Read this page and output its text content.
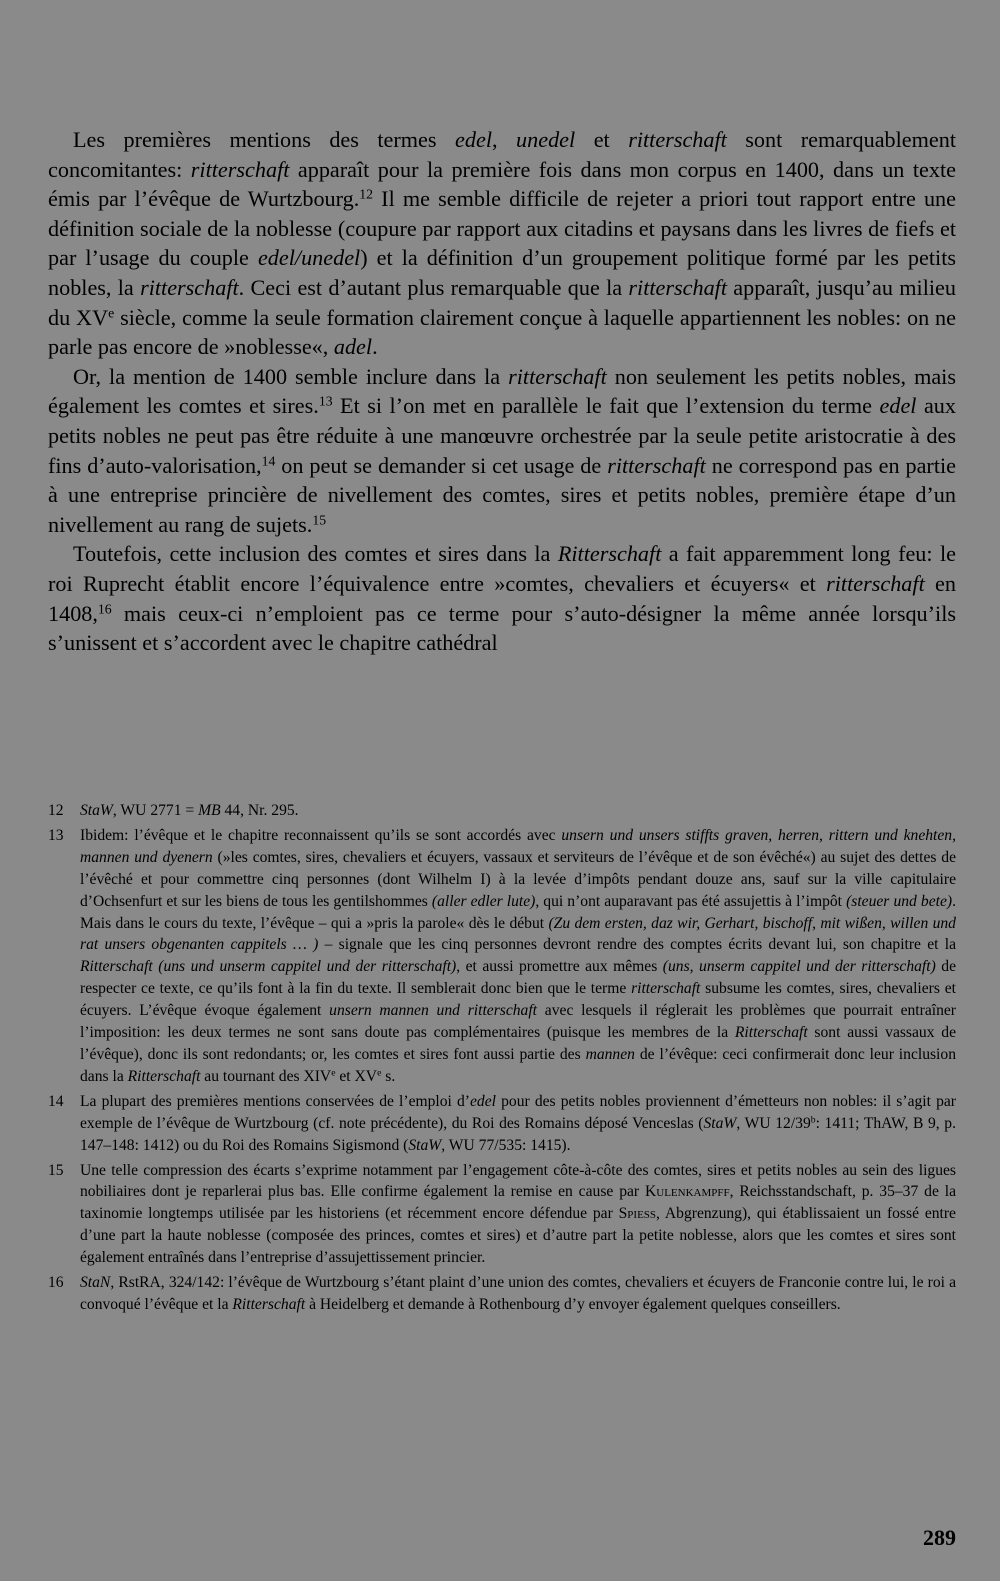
Les premières mentions des termes edel, unedel et ritterschaft sont remarquablement concomitantes: ritterschaft apparaît pour la première fois dans mon corpus en 1400, dans un texte émis par l’évêque de Wurtzbourg.$^{12}$ Il me semble difficile de rejeter a priori tout rapport entre une définition sociale de la noblesse (coupure par rapport aux citadins et paysans dans les livres de fiefs et par l’usage du couple edel/unedel) et la définition d’un groupement politique formé par les petits nobles, la ritterschaft. Ceci est d’autant plus remarquable que la ritterschaft apparaît, jusqu’au milieu du XVe siècle, comme la seule formation clairement conçue à laquelle appartiennent les nobles: on ne parle pas encore de »noblesse«, adel.

Or, la mention de 1400 semble inclure dans la ritterschaft non seulement les petits nobles, mais également les comtes et sires.$^{13}$ Et si l’on met en parallèle le fait que l’extension du terme edel aux petits nobles ne peut pas être réduite à une manœuvre orchestrée par la seule petite aristocratie à des fins d’auto-valorisation,$^{14}$ on peut se demander si cet usage de ritterschaft ne correspond pas en partie à une entreprise princière de nivellement des comtes, sires et petits nobles, première étape d’un nivellement au rang de sujets.$^{15}$

Toutefois, cette inclusion des comtes et sires dans la Ritterschaft a fait apparemment long feu: le roi Ruprecht établit encore l’équivalence entre »comtes, chevaliers et écuyers« et ritterschaft en 1408,16 mais ceux-ci n’emploient pas ce terme pour s’auto-désigner la même année lorsqu’ils s’unissent et s’accordent avec le chapitre cathédral

12 StaW, WU 2771 = MB 44, Nr. 295.
13 Ibidem: l’évêque et le chapitre reconnaissent qu’ils se sont accordés avec unsern und unsers stiffts graven, herren, rittern und knehten, mannen und dyenern (»les comtes, sires, chevaliers et écuyers, vassaux et serviteurs de l’évêque et de son évêché«) au sujet des dettes de l’évêché et pour commettre cinq personnes (dont Wilhelm I) à la levée d’impôts pendant douze ans, sauf sur la ville capitulaire d’Ochsenfurt et sur les biens de tous les gentilshommes (aller edler lute), qui n’ont auparavant pas été assujettis à l’impôt (steuer und bete). Mais dans le cours du texte, l’évêque – qui a »pris la parole« dès le début (Zu dem ersten, daz wir, Gerhart, bischoff, mit wißen, willen und rat unsers obgenanten cappitels … ) – signale que les cinq personnes devront rendre des comptes écrits devant lui, son chapitre et la Ritterschaft (uns und unserm cappitel und der ritterschaft), et aussi promettre aux mêmes (uns, unserm cappitel und der ritterschaft) de respecter ce texte, ce qu’ils font à la fin du texte. Il semblerait donc bien que le terme ritterschaft subsume les comtes, sires, chevaliers et écuyers. L’évêque évoque également unsern mannen und ritterschaft avec lesquels il réglerait les problèmes que pourrait entraîner l’imposition: les deux termes ne sont sans doute pas complémentaires (puisque les membres de la Ritterschaft sont aussi vassaux de l’évêque), donc ils sont redondants; or, les comtes et sires font aussi partie des mannen de l’évêque: ceci confirmerait donc leur inclusion dans la Ritterschaft au tournant des XIVe et XVe s.
14 La plupart des premières mentions conservées de l’emploi d’edel pour des petits nobles proviennent d’émetteurs non nobles: il s’agit par exemple de l’évêque de Wurtzbourg (cf. note précédente), du Roi des Romains déposé Venceslas (StaW, WU 12/39$^b$: 1411; ThAW, B 9, p. 147–148: 1412) ou du Roi des Romains Sigismond (StaW, WU 77/535: 1415).
15 Une telle compression des écarts s’exprime notamment par l’engagement côte-à-côte des comtes, sires et petits nobles au sein des ligues nobiliaires dont je reparlerai plus bas. Elle confirme également la remise en cause par Kulenkampff, Reichsstandschaft, p. 35–37 de la taxinomie longtemps utilisée par les historiens (et récemment encore défendue par Spiess, Abgrenzung), qui établissaient un fossé entre d’une part la haute noblesse (composée des princes, comtes et sires) et d’autre part la petite noblesse, alors que les comtes et sires sont également entraînés dans l’entreprise d’assujettissement princier.
16 StaN, RstRA, 324/142: l’évêque de Wurtzbourg s’étant plaint d’une union des comtes, chevaliers et écuyers de Franconie contre lui, le roi a convoqué l’évêque et la Ritterschaft à Heidelberg et demande à Rothenbourg d’y envoyer également quelques conseillers.
289
